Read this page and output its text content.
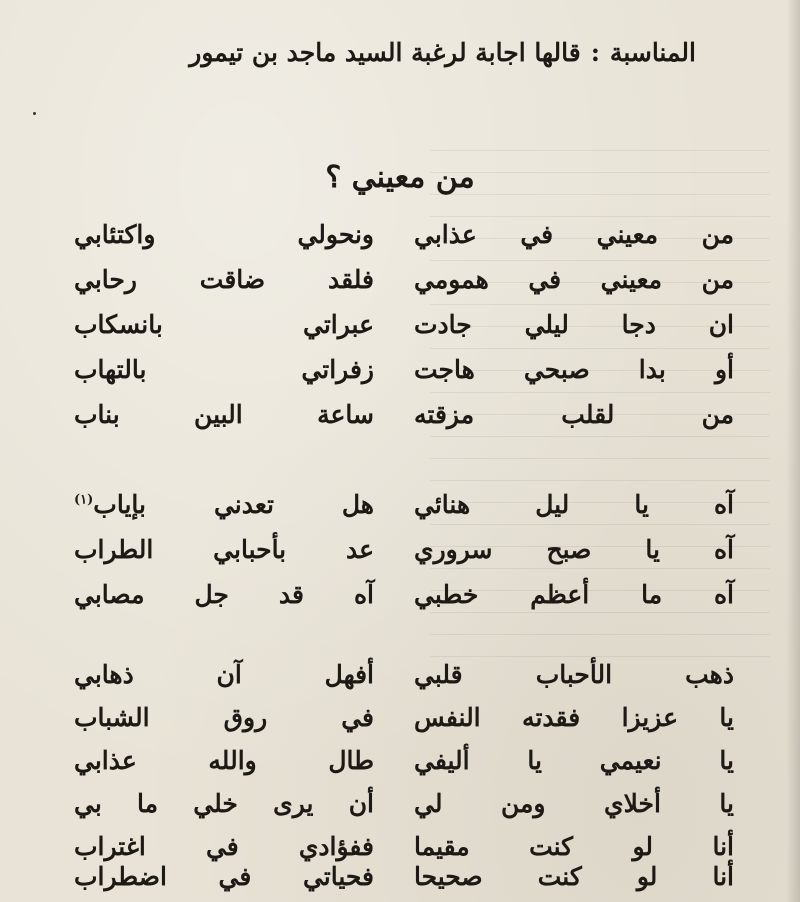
المناسبة:قالها اجابة لرغبة السيد ماجد بن تيمور
من معيني ؟
من معيني في عذابي
ونحولي واكتئابي
من معيني في همومي
فلقد ضاقت رحابي
ان دجا ليلي جادت
عبراتي بانسكاب
أو بدا صبحي هاجت
زفراتي بالتهاب
من لقلب مزقته
ساعة البين بناب
آه يا ليل هنائي
هل تعدني بإياب$^{(١)}$
آه يا صبح سروري
عد بأحبابي الطراب
آه ما أعظم خطبي
آه قد جل مصابي
ذهب الأحباب قلبي
أفهل آن ذهابي
يا عزيزا فقدته النفس
في روق الشباب
يا نعيمي يا أليفي
طال والله عذابي
يا أخلاي ومن لي
أن يرى خلي ما بي
أنا لو كنت مقيما
ففؤادي في اغتراب
أنا لو كنت صحيحا
فحياتي في اضطراب
